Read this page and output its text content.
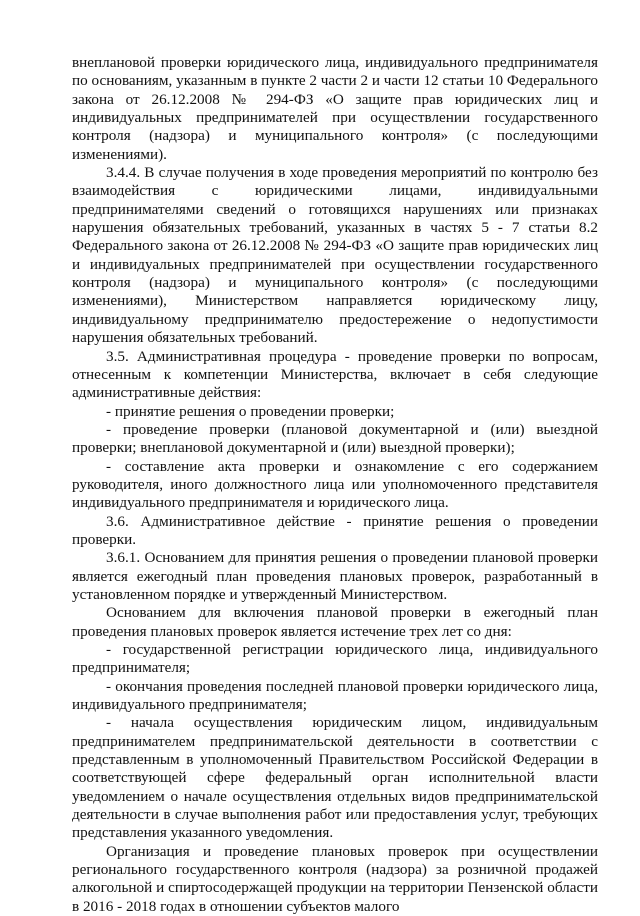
внеплановой проверки юридического лица, индивидуального предпринимателя по основаниям, указанным в пункте 2 части 2 и части 12 статьи 10 Федерального закона от 26.12.2008 № 294-ФЗ «О защите прав юридических лиц и индивидуальных предпринимателей при осуществлении государственного контроля (надзора) и муниципального контроля» (с последующими изменениями).

3.4.4. В случае получения в ходе проведения мероприятий по контролю без взаимодействия с юридическими лицами, индивидуальными предпринимателями сведений о готовящихся нарушениях или признаках нарушения обязательных требований, указанных в частях 5 - 7 статьи 8.2 Федерального закона от 26.12.2008 № 294-ФЗ «О защите прав юридических лиц и индивидуальных предпринимателей при осуществлении государственного контроля (надзора) и муниципального контроля» (с последующими изменениями), Министерством направляется юридическому лицу, индивидуальному предпринимателю предостережение о недопустимости нарушения обязательных требований.

3.5. Административная процедура - проведение проверки по вопросам, отнесенным к компетенции Министерства, включает в себя следующие административные действия:

- принятие решения о проведении проверки;

- проведение проверки (плановой документарной и (или) выездной проверки; внеплановой документарной и (или) выездной проверки);

- составление акта проверки и ознакомление с его содержанием руководителя, иного должностного лица или уполномоченного представителя индивидуального предпринимателя и юридического лица.

3.6. Административное действие - принятие решения о проведении проверки.

3.6.1. Основанием для принятия решения о проведении плановой проверки является ежегодный план проведения плановых проверок, разработанный в установленном порядке и утвержденный Министерством.

Основанием для включения плановой проверки в ежегодный план проведения плановых проверок является истечение трех лет со дня:

- государственной регистрации юридического лица, индивидуального предпринимателя;

- окончания проведения последней плановой проверки юридического лица, индивидуального предпринимателя;

- начала осуществления юридическим лицом, индивидуальным предпринимателем предпринимательской деятельности в соответствии с представленным в уполномоченный Правительством Российской Федерации в соответствующей сфере федеральный орган исполнительной власти уведомлением о начале осуществления отдельных видов предпринимательской деятельности в случае выполнения работ или предоставления услуг, требующих представления указанного уведомления.

Организация и проведение плановых проверок при осуществлении регионального государственного контроля (надзора) за розничной продажей алкогольной и спиртосодержащей продукции на территории Пензенской области в 2016 - 2018 годах в отношении субъектов малого
